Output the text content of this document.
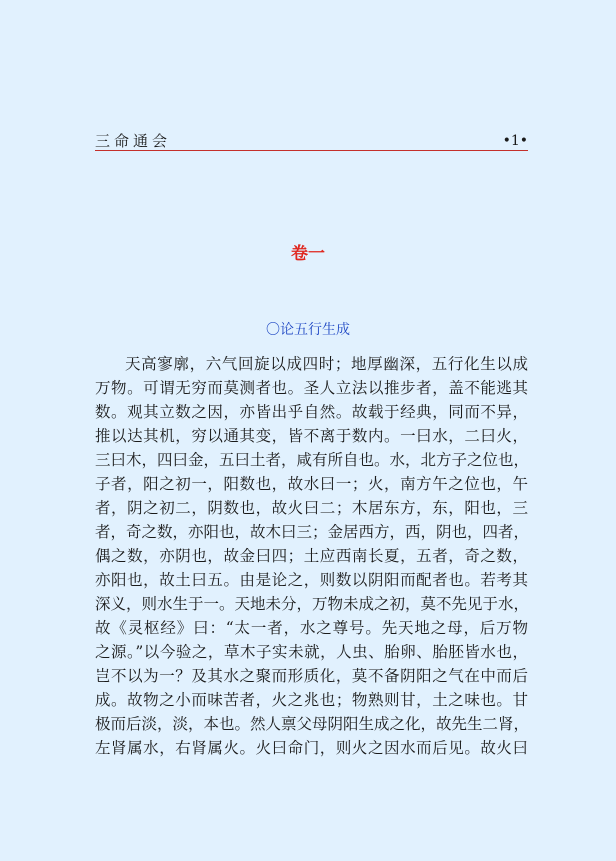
三命通会	•1•
卷一
〇论五行生成
天高寥廓，六气回旋以成四时；地厚幽深，五行化生以成
万物。可谓无穷而莫测者也。圣人立法以推步者，盖不能逃其
数。观其立数之因，亦皆出乎自然。故载于经典，同而不异，
推以达其机，穷以通其变，皆不离于数内。一曰水，二曰火，
三曰木，四曰金，五曰土者，咸有所自也。水，北方子之位也，
子者，阳之初一，阳数也，故水曰一；火，南方午之位也，午
者，阴之初二，阴数也，故火曰二；木居东方，东，阳也，三
者，奇之数，亦阳也，故木曰三；金居西方，西，阴也，四者，
偶之数，亦阴也，故金曰四；土应西南长夏，五者，奇之数，
亦阳也，故土曰五。由是论之，则数以阴阳而配者也。若考其
深义，则水生于一。天地未分，万物未成之初，莫不先见于水，
故《灵枢经》曰：“太一者，水之尊号。先天地之母，后万物
之源。”以今验之，草木子实未就，人虫、胎卵、胎胚皆水也，
岂不以为一？及其水之聚而形质化，莫不备阴阳之气在中而后
成。故物之小而味苦者，火之兆也；物熟则甘，土之味也。甘
极而后淡，淡，本也。然人禀父母阴阳生成之化，故先生二肾，
左肾属水，右肾属火。火曰命门，则火之因水而后见。故火曰
